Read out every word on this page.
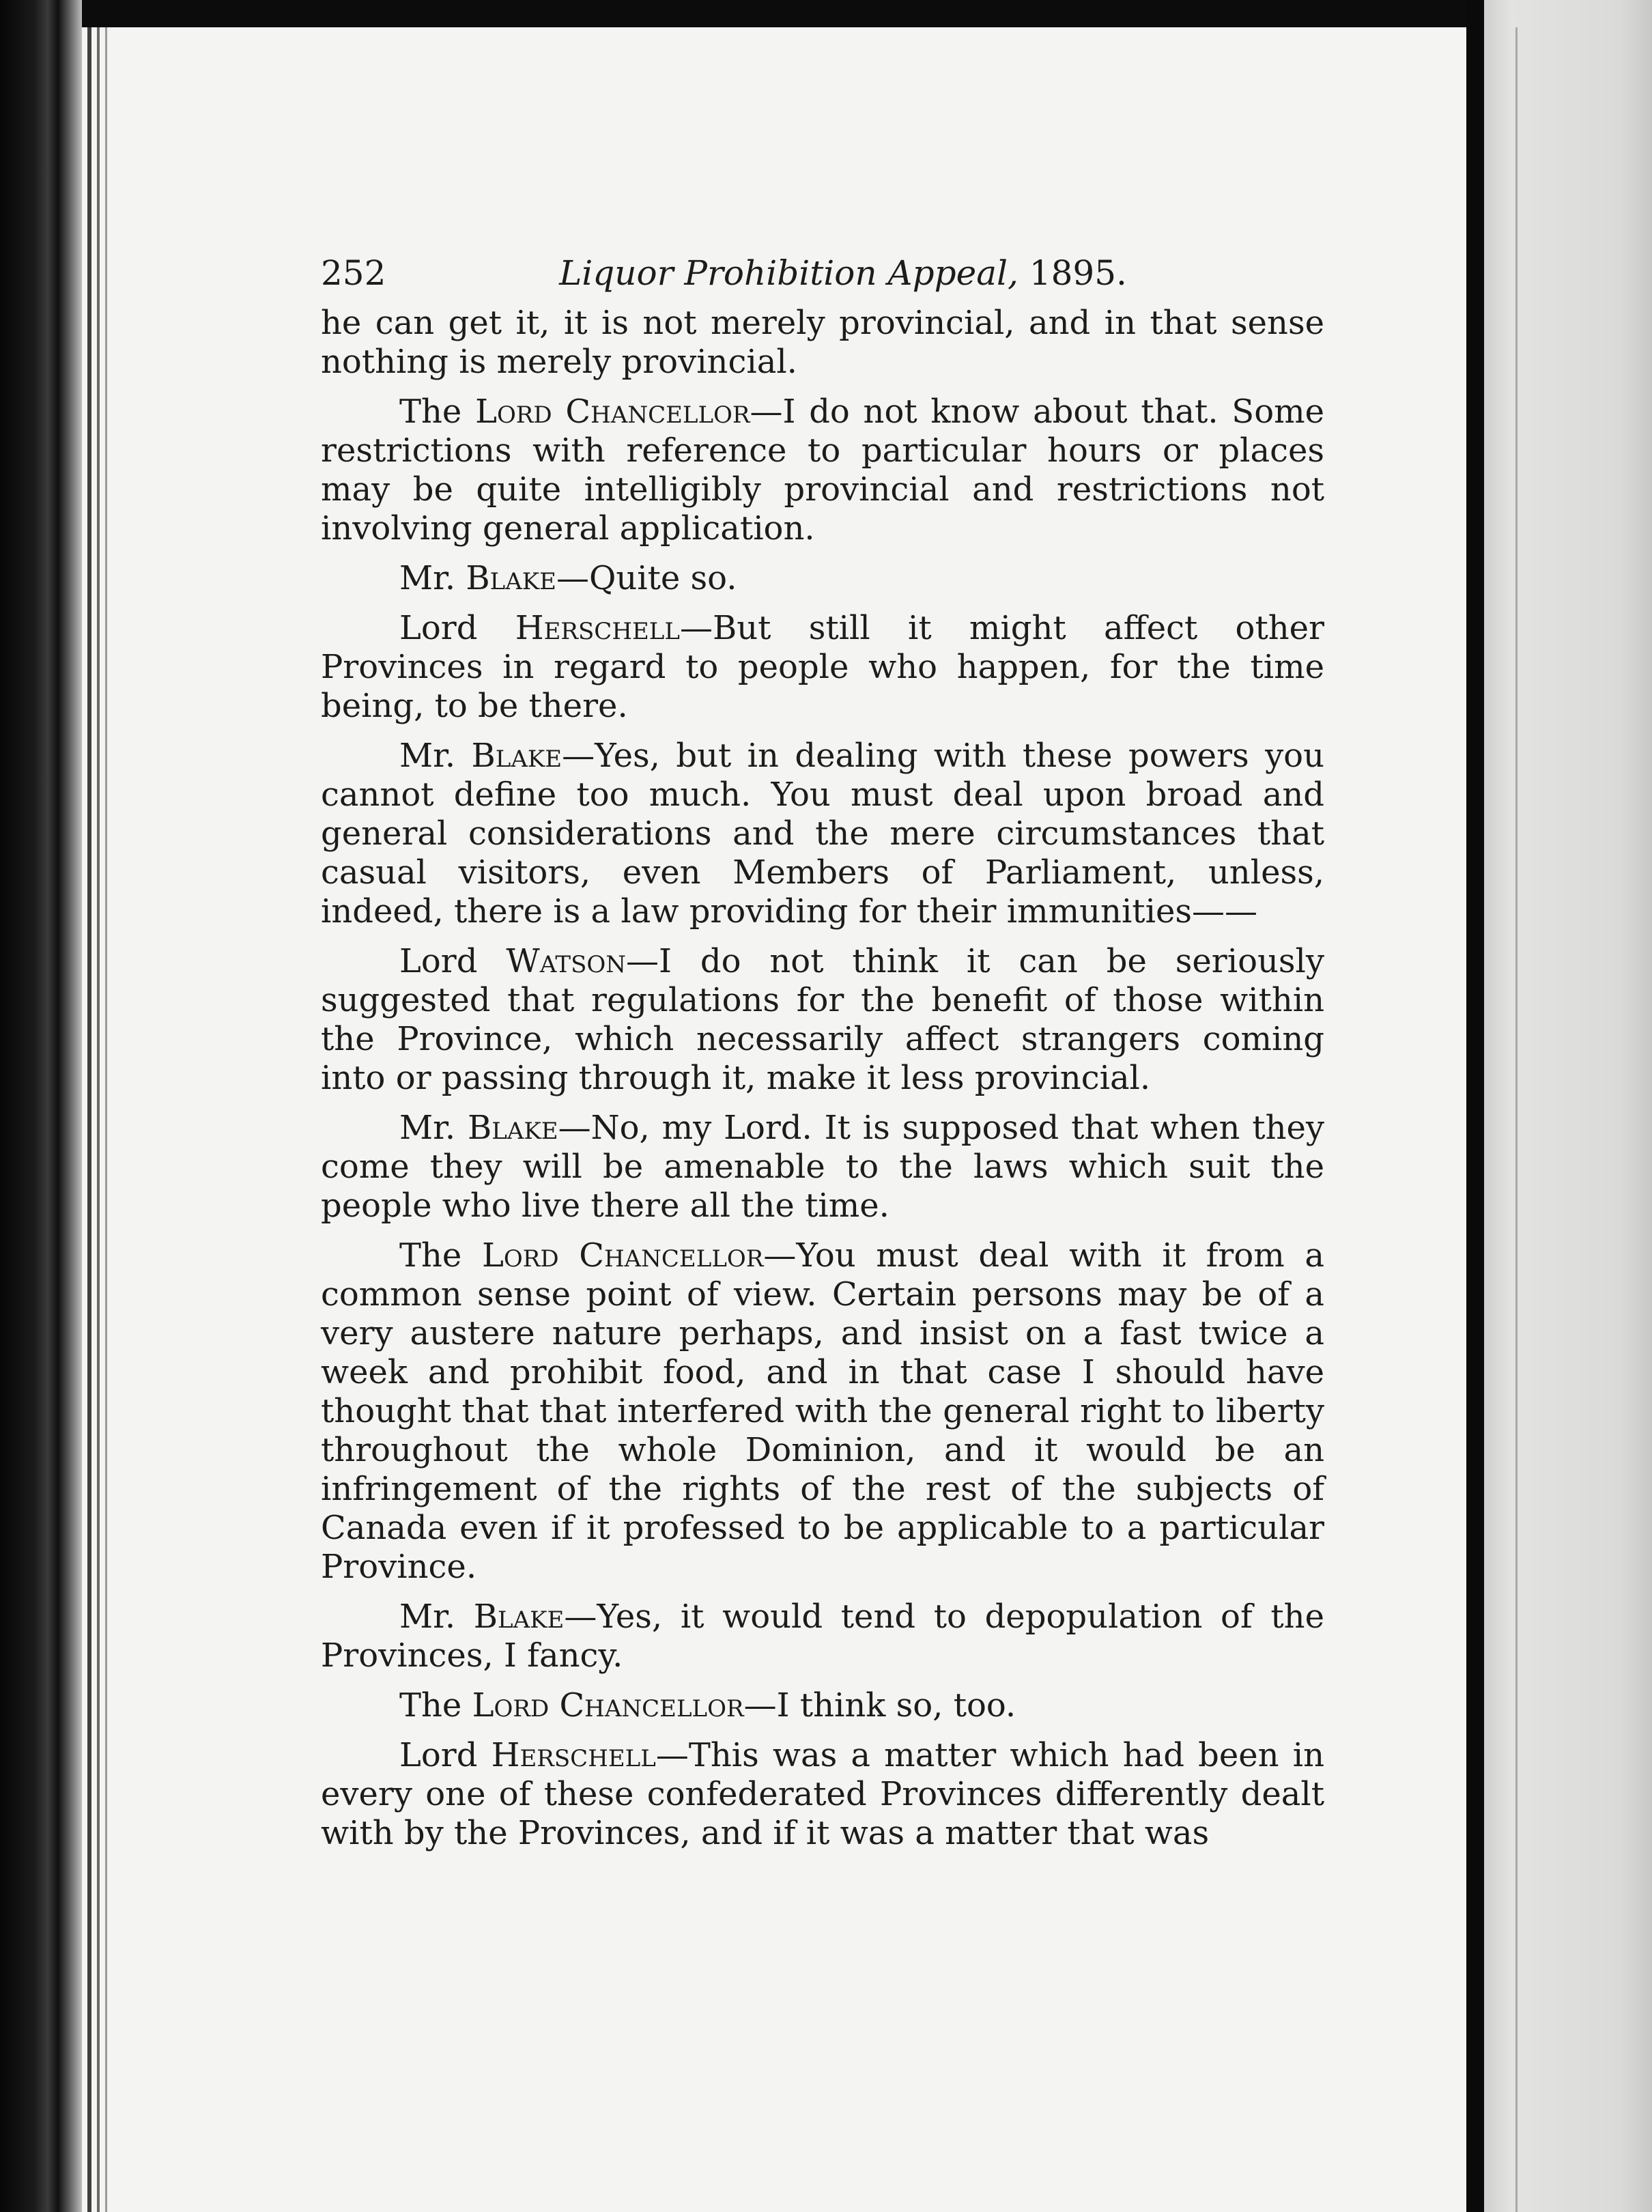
252	Liquor Prohibition Appeal, 1895.

he can get it, it is not merely provincial, and in that sense nothing is merely provincial.

The Lord Chancellor—I do not know about that. Some restrictions with reference to particular hours or places may be quite intelligibly provincial and restrictions not involving general application.

Mr. Blake—Quite so.

Lord Herschell—But still it might affect other Provinces in regard to people who happen, for the time being, to be there.

Mr. Blake—Yes, but in dealing with these powers you cannot define too much. You must deal upon broad and general considerations and the mere circumstances that casual visitors, even Members of Parliament, unless, indeed, there is a law providing for their immunities——

Lord Watson—I do not think it can be seriously suggested that regulations for the benefit of those within the Province, which necessarily affect strangers coming into or passing through it, make it less provincial.

Mr. Blake—No, my Lord. It is supposed that when they come they will be amenable to the laws which suit the people who live there all the time.

The Lord Chancellor—You must deal with it from a common sense point of view. Certain persons may be of a very austere nature perhaps, and insist on a fast twice a week and prohibit food, and in that case I should have thought that that interfered with the general right to liberty throughout the whole Dominion, and it would be an infringement of the rights of the rest of the subjects of Canada even if it professed to be applicable to a particular Province.

Mr. Blake—Yes, it would tend to depopulation of the Provinces, I fancy.

The Lord Chancellor—I think so, too.

Lord Herschell—This was a matter which had been in every one of these confederated Provinces differently dealt with by the Provinces, and if it was a matter that was
